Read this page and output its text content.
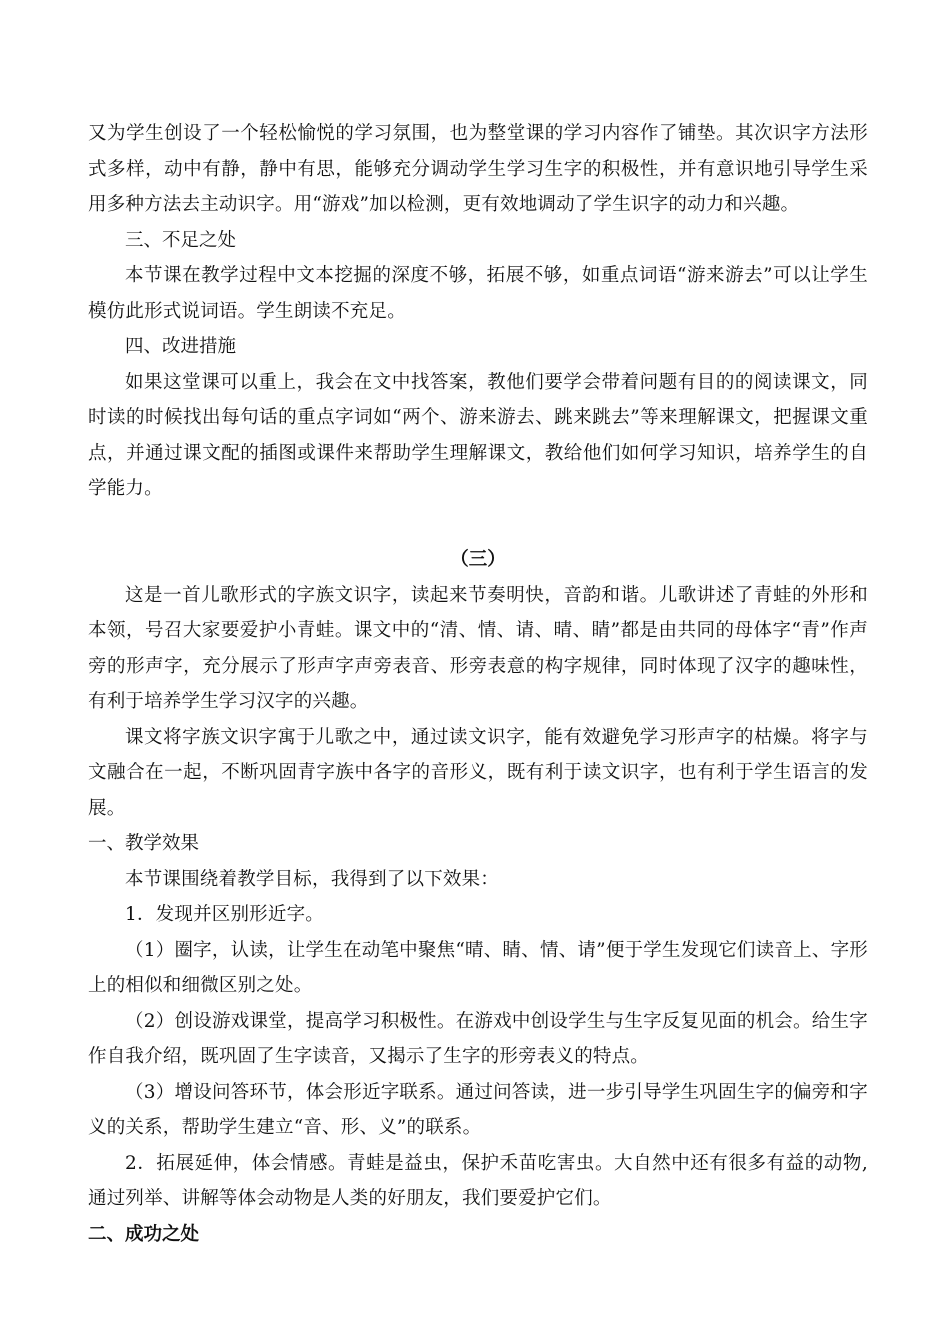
又为学生创设了一个轻松愉悦的学习氛围，也为整堂课的学习内容作了铺垫。其次识字方法形式多样，动中有静，静中有思，能够充分调动学生学习生字的积极性，并有意识地引导学生采用多种方法去主动识字。用“游戏”加以检测，更有效地调动了学生识字的动力和兴趣。

三、不足之处

本节课在教学过程中文本挖掘的深度不够，拓展不够，如重点词语“游来游去”可以让学生模仿此形式说词语。学生朗读不充足。

四、改进措施

如果这堂课可以重上，我会在文中找答案，教他们要学会带着问题有目的的阅读课文，同时读的时候找出每句话的重点字词如“两个、游来游去、跳来跳去”等来理解课文，把握课文重点，并通过课文配的插图或课件来帮助学生理解课文，教给他们如何学习知识，培养学生的自学能力。

（三）

这是一首儿歌形式的字族文识字，读起来节奏明快，音韵和谐。儿歌讲述了青蛙的外形和本领，号召大家要爱护小青蛙。课文中的“清、情、请、晴、睛”都是由共同的母体字“青”作声旁的形声字，充分展示了形声字声旁表音、形旁表意的构字规律，同时体现了汉字的趣味性，有利于培养学生学习汉字的兴趣。

课文将字族文识字寓于儿歌之中，通过读文识字，能有效避免学习形声字的枯燥。将字与文融合在一起，不断巩固青字族中各字的音形义，既有利于读文识字，也有利于学生语言的发展。

一、教学效果

本节课围绕着教学目标，我得到了以下效果：

1．发现并区别形近字。

（1）圈字，认读，让学生在动笔中聚焦“晴、睛、情、请”便于学生发现它们读音上、字形上的相似和细微区别之处。

（2）创设游戏课堂，提高学习积极性。在游戏中创设学生与生字反复见面的机会。给生字作自我介绍，既巩固了生字读音，又揭示了生字的形旁表义的特点。

（3）增设问答环节，体会形近字联系。通过问答读，进一步引导学生巩固生字的偏旁和字义的关系，帮助学生建立“音、形、义”的联系。

2．拓展延伸，体会情感。青蛙是益虫，保护禾苗吃害虫。大自然中还有很多有益的动物,通过列举、讲解等体会动物是人类的好朋友，我们要爱护它们。

二、成功之处
